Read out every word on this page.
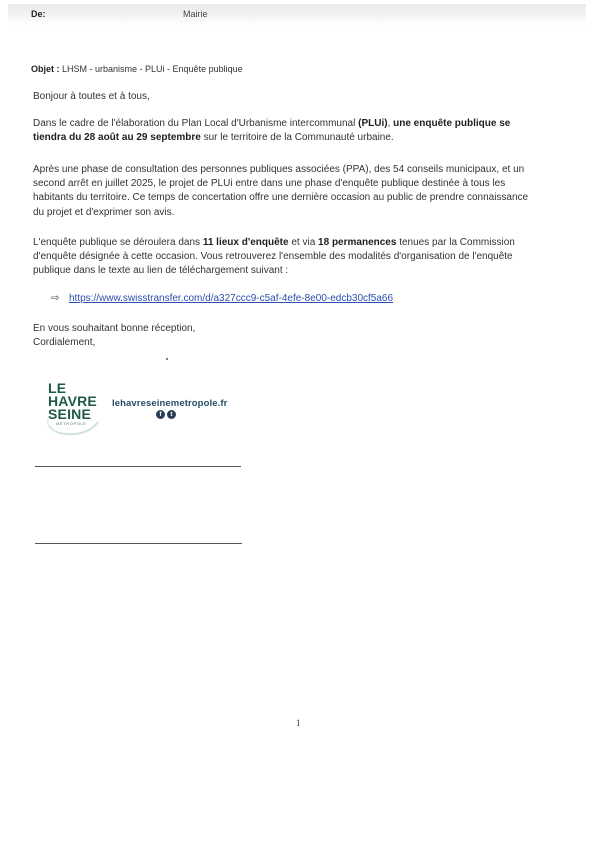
De:	Mairie
Objet : LHSM - urbanisme - PLUi - Enquête publique
Bonjour à toutes et à tous,
Dans le cadre de l'élaboration du Plan Local d'Urbanisme intercommunal (PLUi), une enquête publique se tiendra du 28 août au 29 septembre sur le territoire de la Communauté urbaine.
Après une phase de consultation des personnes publiques associées (PPA), des 54 conseils municipaux, et un second arrêt en juillet 2025, le projet de PLUi entre dans une phase d'enquête publique destinée à tous les habitants du territoire. Ce temps de concertation offre une dernière occasion au public de prendre connaissance du projet et d'exprimer son avis.
L'enquête publique se déroulera dans 11 lieux d'enquête et via 18 permanences tenues par la Commission d'enquête désignée à cette occasion. Vous retrouverez l'ensemble des modalités d'organisation de l'enquête publique dans le texte au lien de téléchargement suivant :
⇨ https://www.swisstransfer.com/d/a327ccc9-c5af-4efe-8e00-edcb30cf5a66
En vous souhaitant bonne réception,
Cordialement,
LE
HAVRE
SEINE
MÉTROPOLE
lehavreseinemetropole.fr
f t
1
